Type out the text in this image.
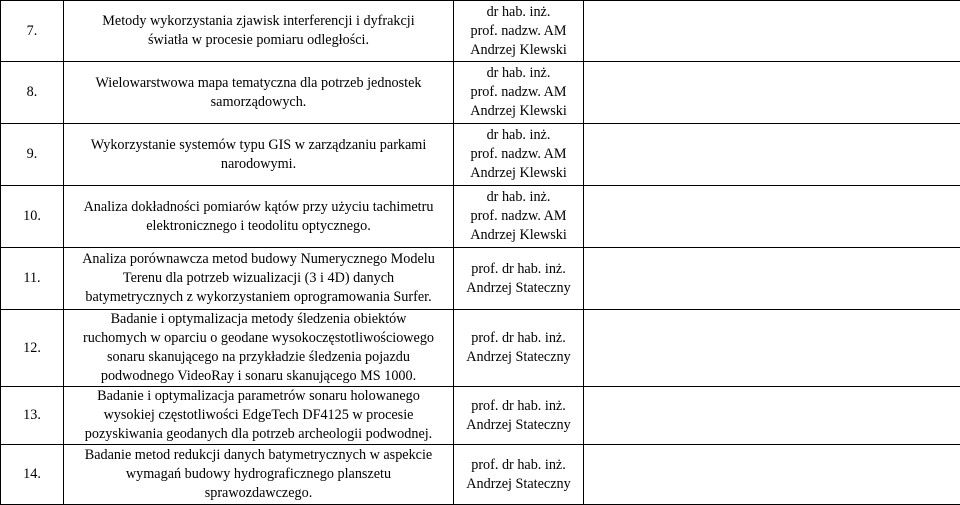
7.	Metody wykorzystania zjawisk interferencji i dyfrakcji
światła w procesie pomiaru odległości.	dr hab. inż.
prof. nadzw. AM
Andrzej Klewski	

8.	Wielowarstwowa mapa tematyczna dla potrzeb jednostek
samorządowych.	dr hab. inż.
prof. nadzw. AM
Andrzej Klewski	

9.	Wykorzystanie systemów typu GIS w zarządzaniu parkami
narodowymi.	dr hab. inż.
prof. nadzw. AM
Andrzej Klewski	

10.	Analiza dokładności pomiarów kątów przy użyciu tachimetru
elektronicznego i teodolitu optycznego.	dr hab. inż.
prof. nadzw. AM
Andrzej Klewski	

11.	Analiza porównawcza metod budowy Numerycznego Modelu
Terenu dla potrzeb wizualizacji (3 i 4D) danych
batymetrycznych z wykorzystaniem oprogramowania Surfer.	prof. dr hab. inż.
Andrzej Stateczny	

12.	Badanie i optymalizacja metody śledzenia obiektów
ruchomych w oparciu o geodane wysokoczęstotliwościowego
sonaru skanującego na przykładzie śledzenia pojazdu
podwodnego VideoRay i sonaru skanującego MS 1000.	prof. dr hab. inż.
Andrzej Stateczny	

13.	Badanie i optymalizacja parametrów sonaru holowanego
wysokiej częstotliwości EdgeTech DF4125 w procesie
pozyskiwania geodanych dla potrzeb archeologii podwodnej.	prof. dr hab. inż.
Andrzej Stateczny	

14.	Badanie metod redukcji danych batymetrycznych w aspekcie
wymagań budowy hydrograficznego planszetu
sprawozdawczego.	prof. dr hab. inż.
Andrzej Stateczny	
